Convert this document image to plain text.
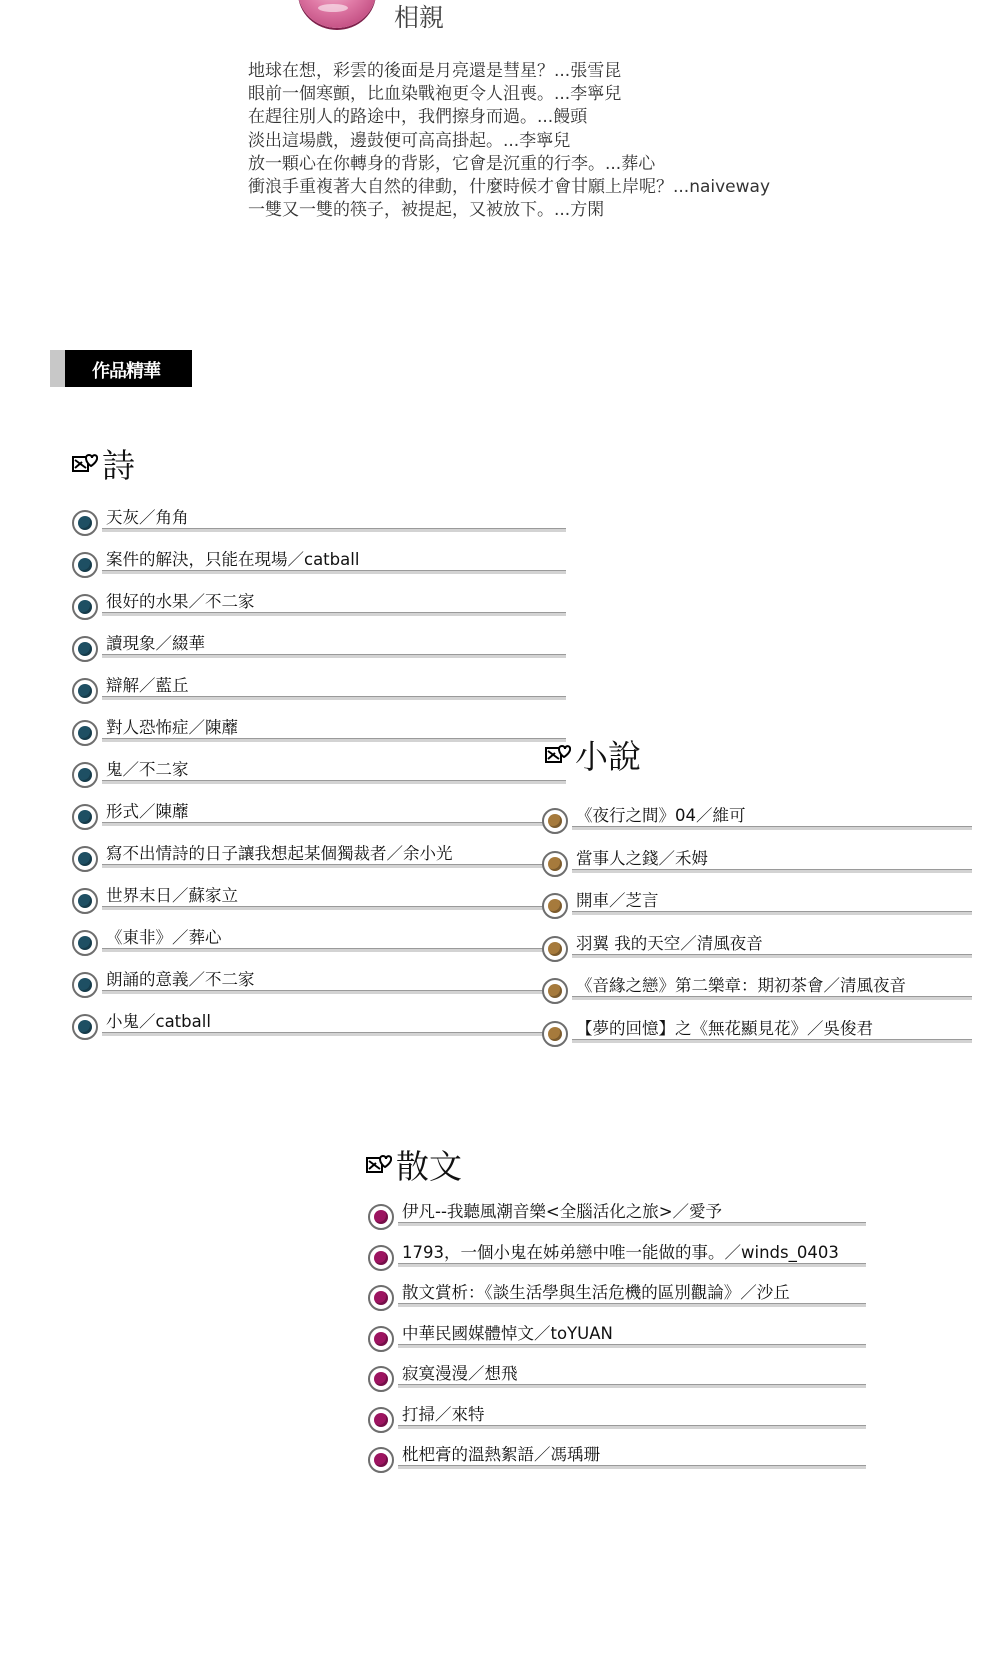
相親
地球在想，彩雲的後面是月亮還是彗星？...張雪昆
眼前一個寒顫，比血染戰袍更令人沮喪。...李寧兒
在趕往別人的路途中，我們擦身而過。...饅頭
淡出這場戲，邊鼓便可高高掛起。...李寧兒
放一顆心在你轉身的背影，它會是沉重的行李。...葬心
衝浪手重複著大自然的律動，什麼時候才會甘願上岸呢？...naiveway
一雙又一雙的筷子，被提起，又被放下。...方閑
作品精華
詩
天灰／角角
案件的解決，只能在現場／catball
很好的水果／不二家
讀現象／綴華
辯解／藍丘
對人恐怖症／陳蘼
鬼／不二家
形式／陳蘼
寫不出情詩的日子讓我想起某個獨裁者／余小光
世界末日／蘇家立
《東非》／葬心
朗誦的意義／不二家
小鬼／catball
小說
《夜行之間》04／維可
當事人之錢／禾姆
開車／芝言
羽翼 我的天空／清風夜音
《音緣之戀》第二樂章：期初茶會／清風夜音
【夢的回憶】之《無花顯見花》／吳俊君
散文
伊凡--我聽風潮音樂<全腦活化之旅>／愛予
1793，一個小鬼在姊弟戀中唯一能做的事。／winds_0403
散文賞析：《談生活學與生活危機的區別觀論》／沙丘
中華民國媒體悼文／toYUAN
寂寞漫漫／想飛
打掃／來特
枇杷膏的溫熱絮語／馮瑀珊
